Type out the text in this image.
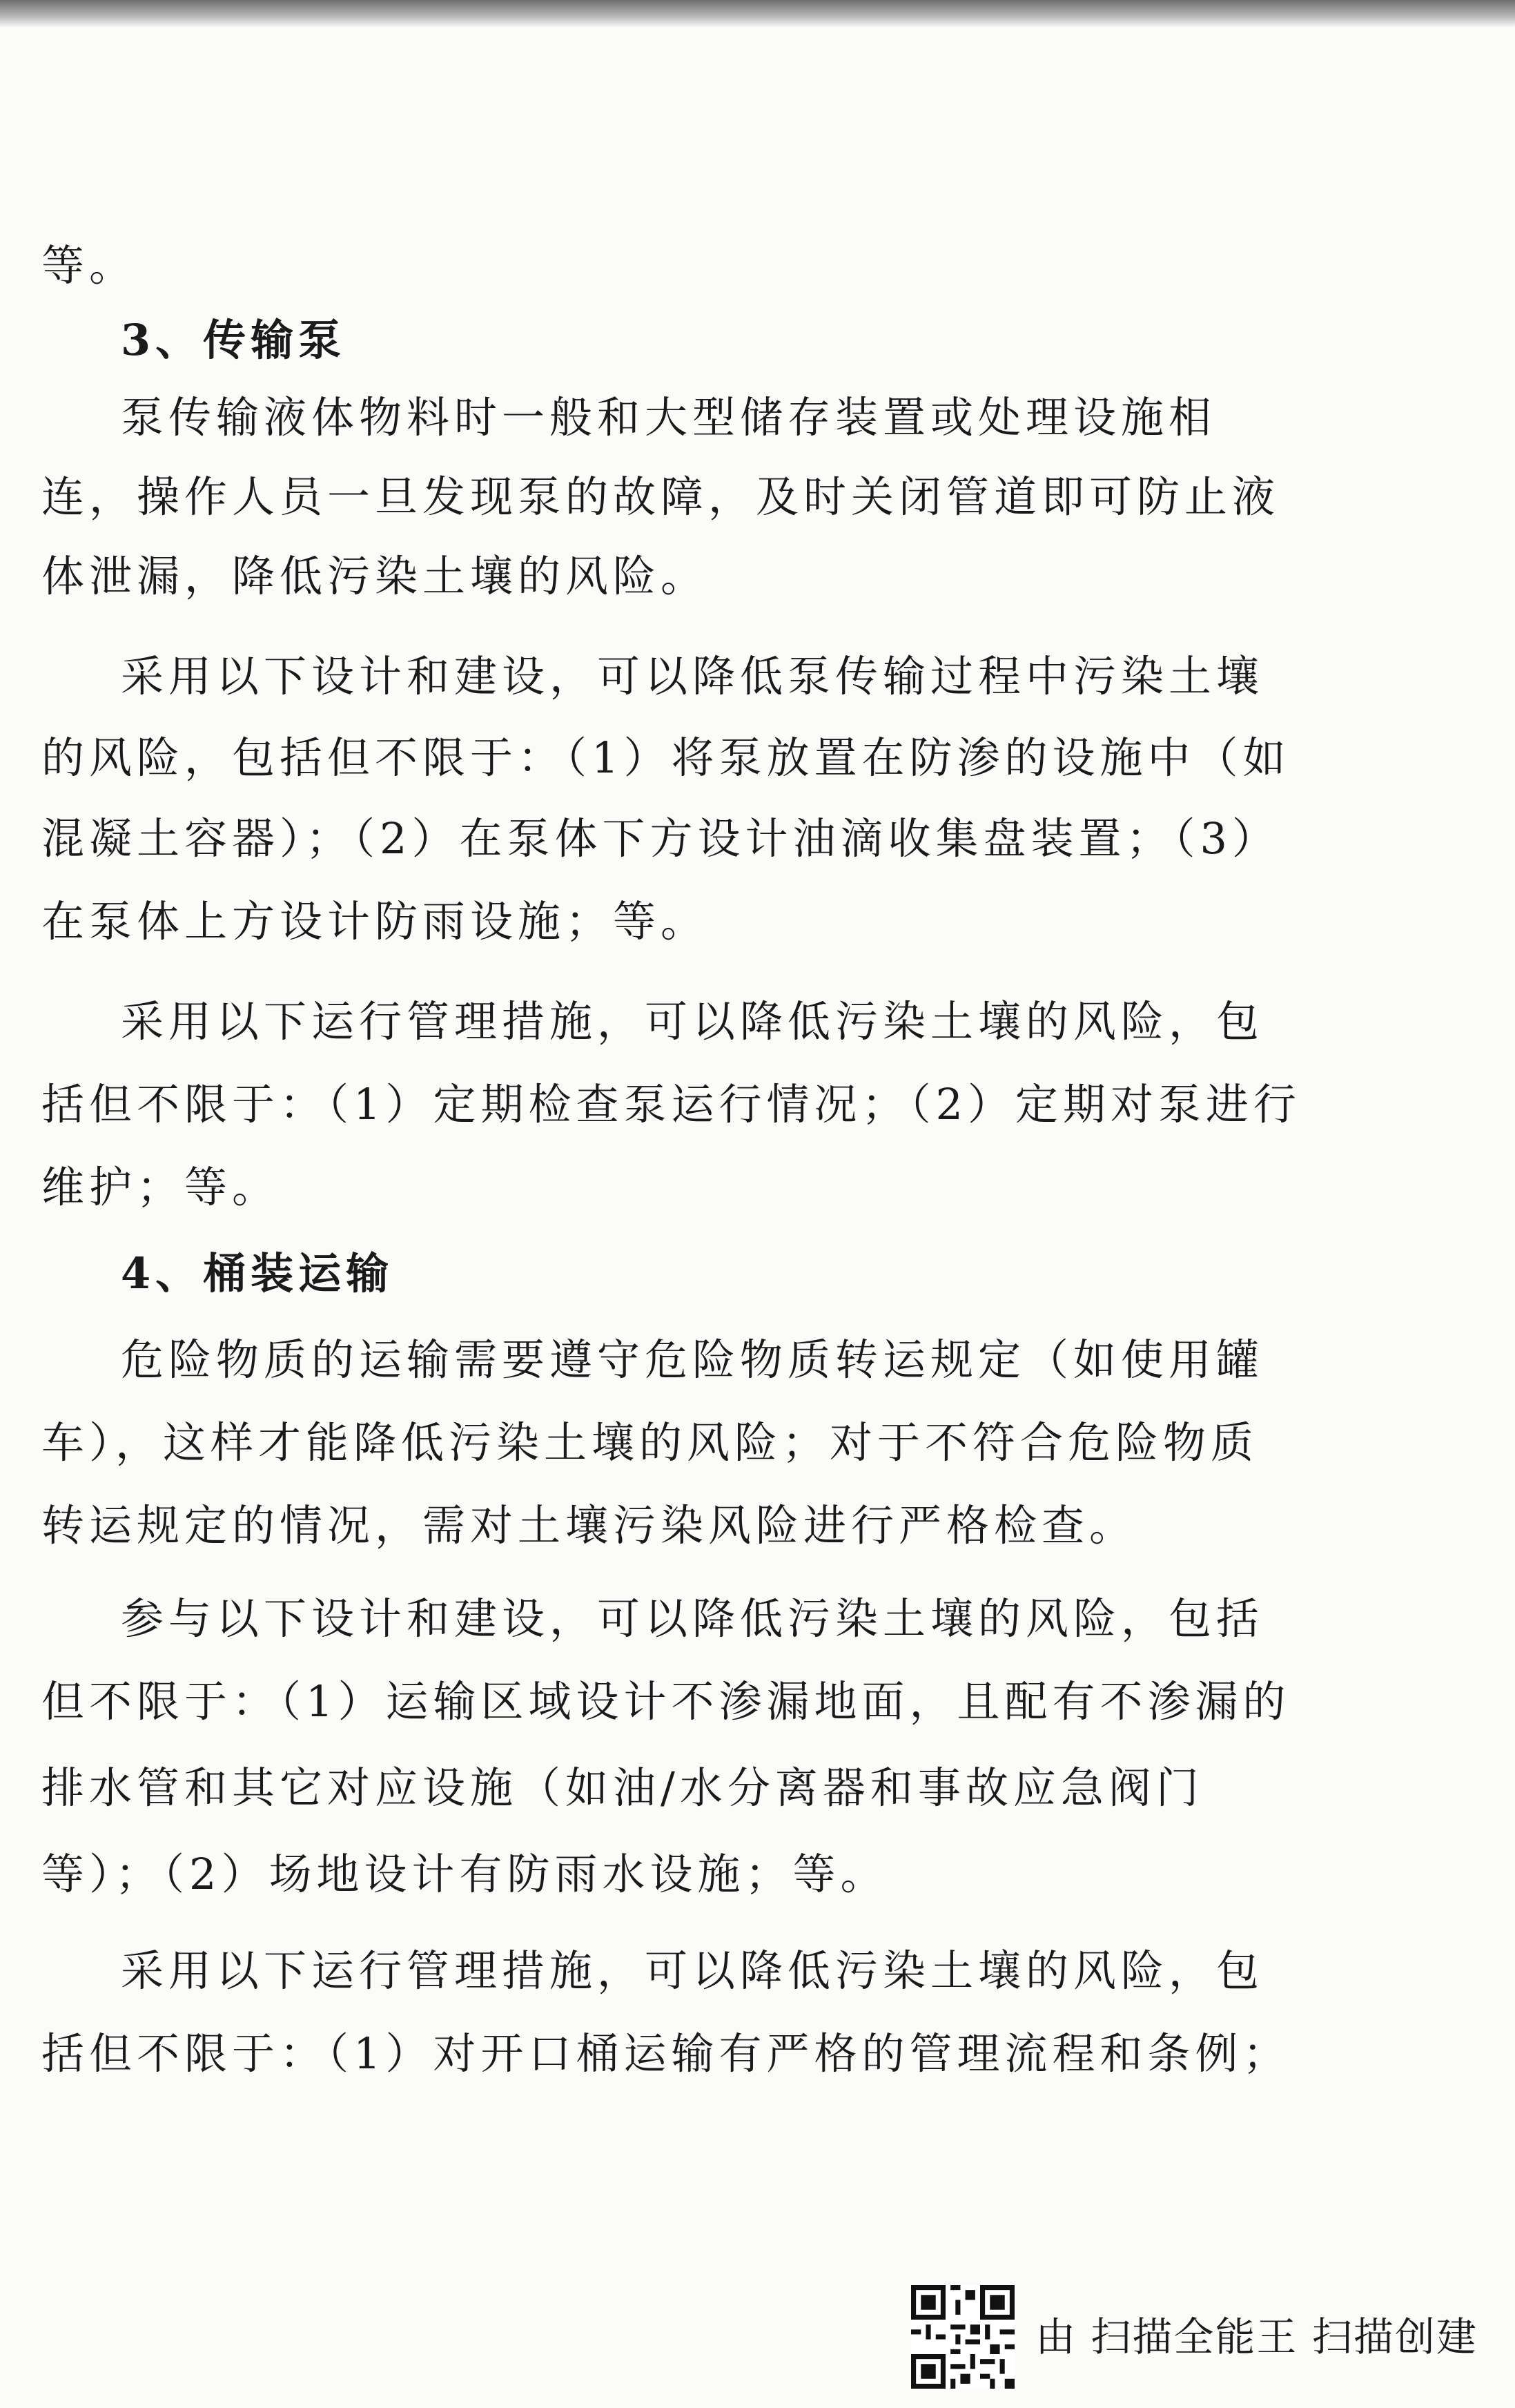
等。
3、传输泵
泵传输液体物料时一般和大型储存装置或处理设施相
连，操作人员一旦发现泵的故障，及时关闭管道即可防止液
体泄漏，降低污染土壤的风险。
采用以下设计和建设，可以降低泵传输过程中污染土壤
的风险，包括但不限于：（1）将泵放置在防渗的设施中（如
混凝土容器）；（2）在泵体下方设计油滴收集盘装置；（3）
在泵体上方设计防雨设施；等。
采用以下运行管理措施，可以降低污染土壤的风险，包
括但不限于：（1）定期检查泵运行情况；（2）定期对泵进行
维护；等。
4、桶装运输
危险物质的运输需要遵守危险物质转运规定（如使用罐
车），这样才能降低污染土壤的风险；对于不符合危险物质
转运规定的情况，需对土壤污染风险进行严格检查。
参与以下设计和建设，可以降低污染土壤的风险，包括
但不限于：（1）运输区域设计不渗漏地面，且配有不渗漏的
排水管和其它对应设施（如油/水分离器和事故应急阀门
等）；（2）场地设计有防雨水设施；等。
采用以下运行管理措施，可以降低污染土壤的风险，包
括但不限于：（1）对开口桶运输有严格的管理流程和条例；
由 扫描全能王 扫描创建
